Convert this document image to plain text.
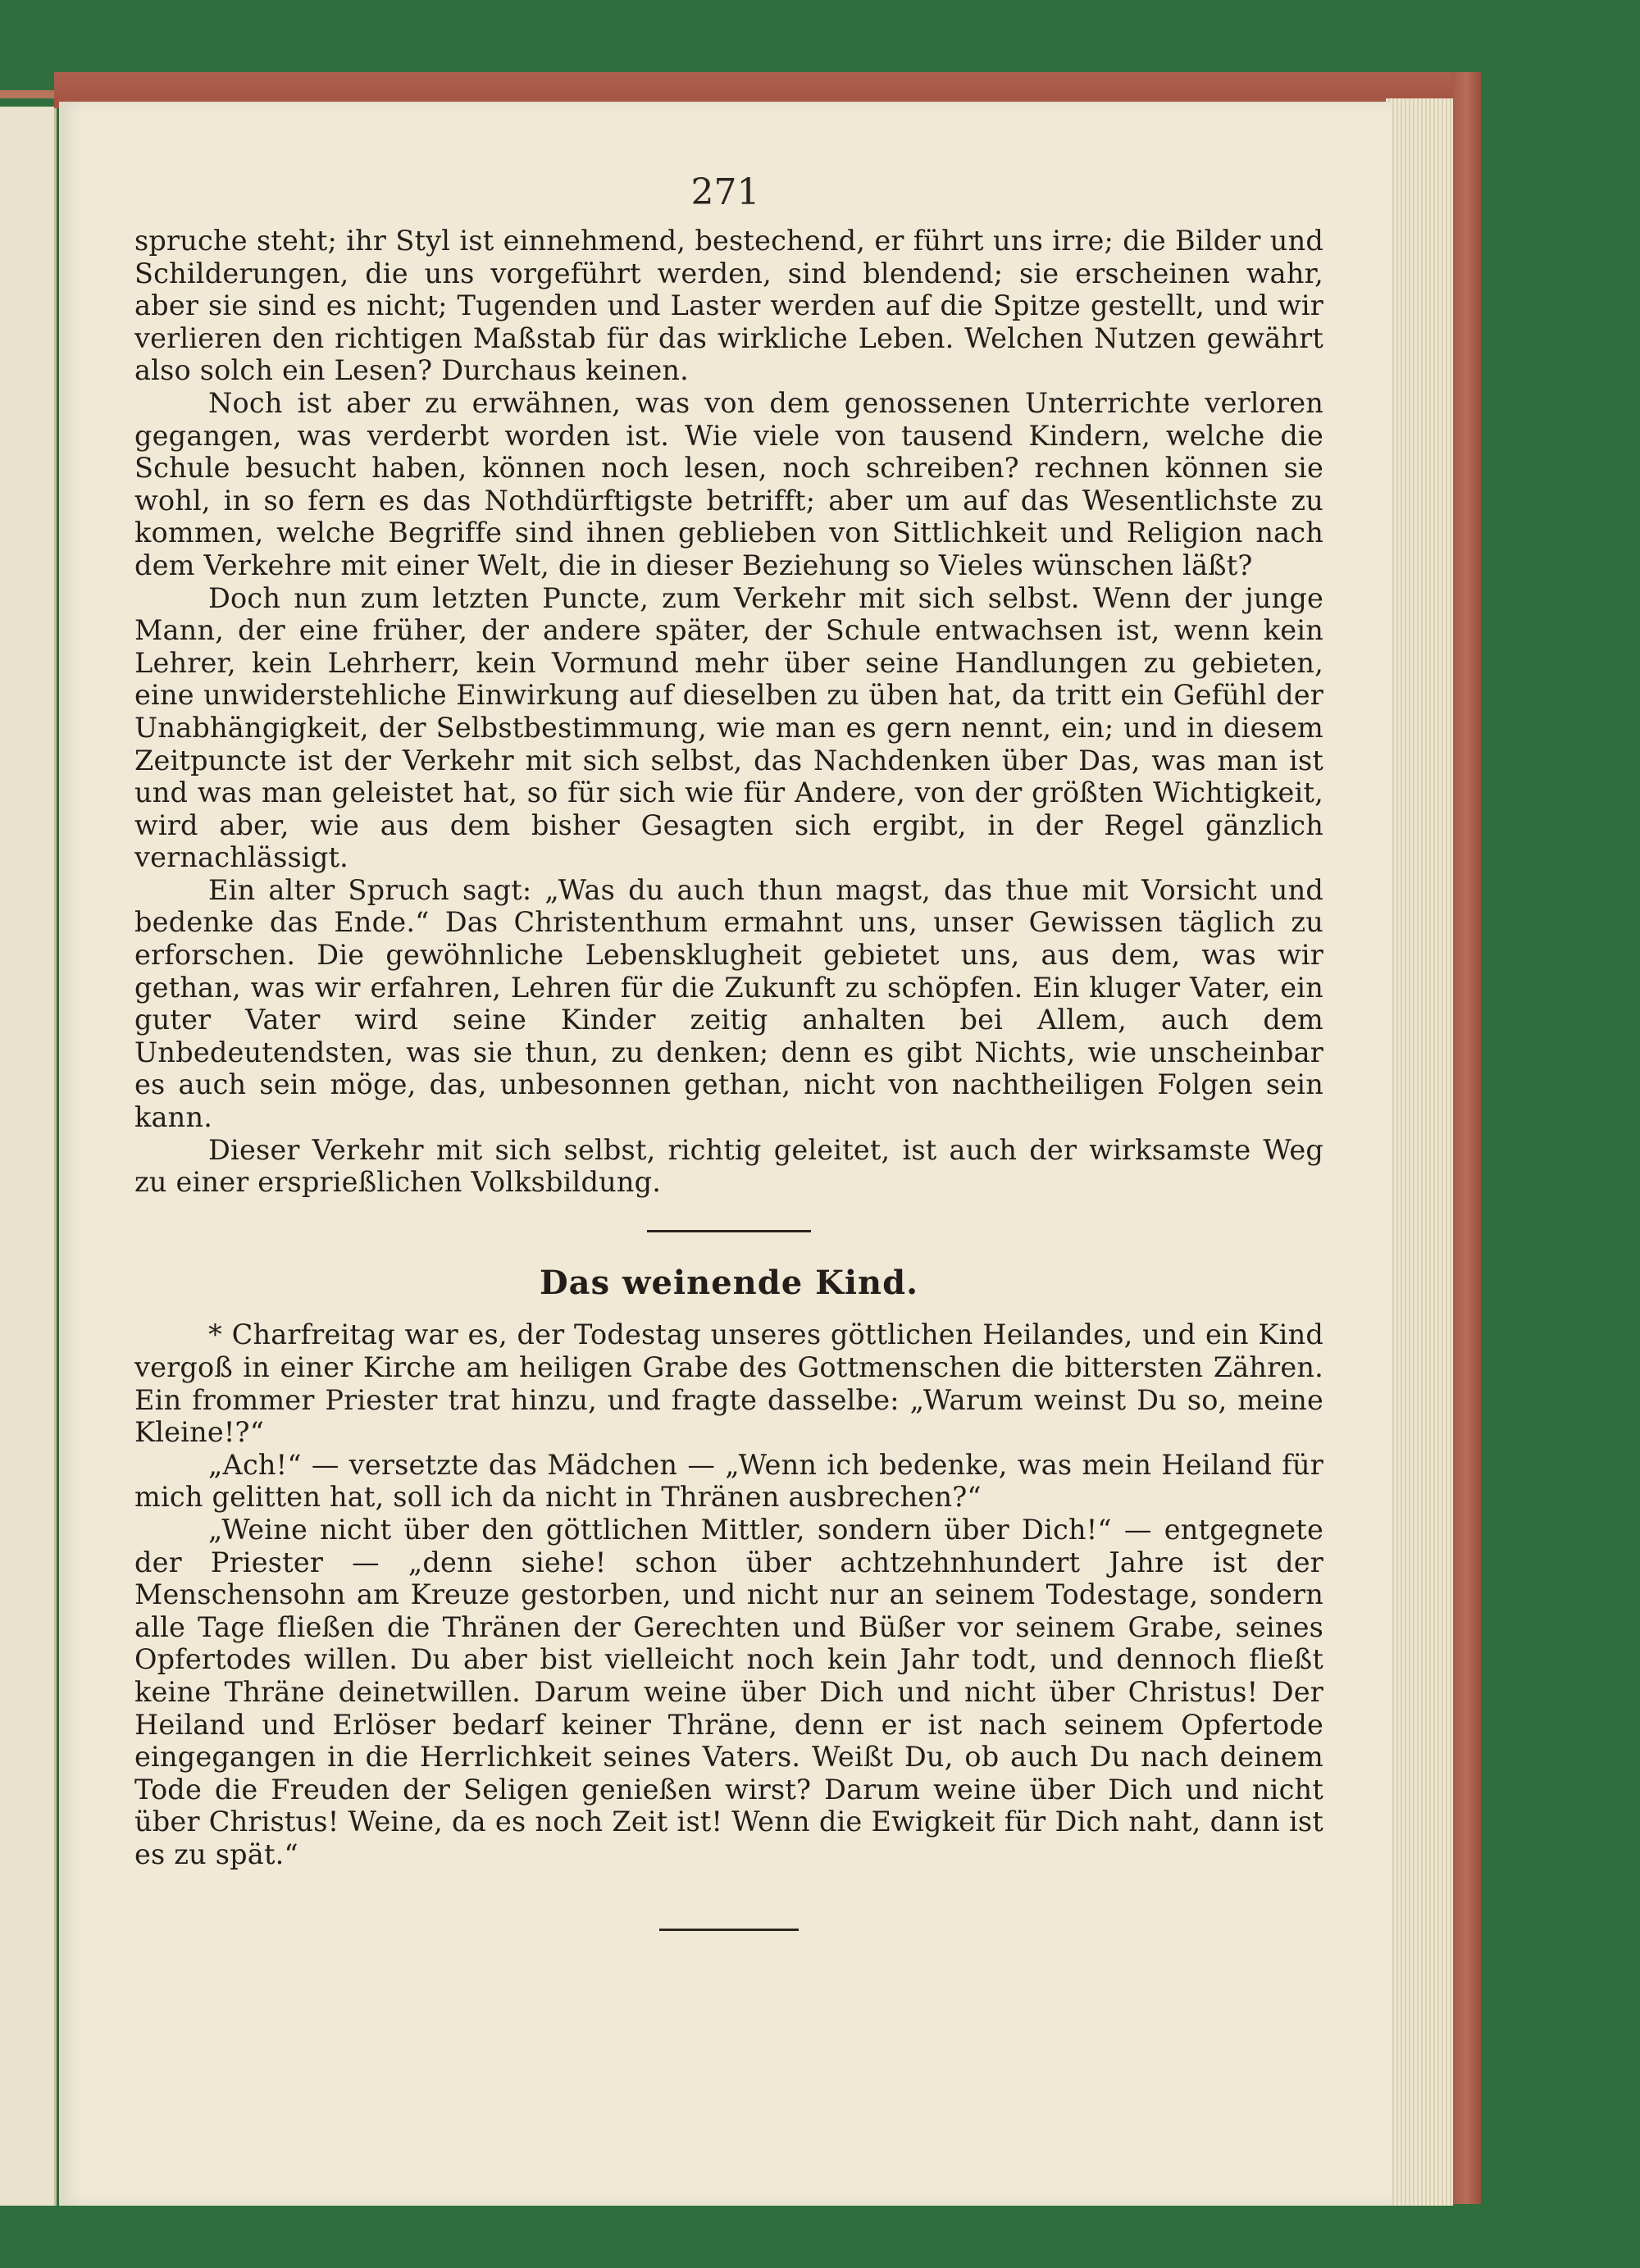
271

spruche steht; ihr Styl ist einnehmend, bestechend, er führt uns irre; die Bilder und Schilderungen, die uns vorgeführt werden, sind blendend; sie erscheinen wahr, aber sie sind es nicht; Tugenden und Laster werden auf die Spitze gestellt, und wir verlieren den richtigen Maßstab für das wirkliche Leben. Welchen Nutzen gewährt also solch ein Lesen? Durchaus keinen.

Noch ist aber zu erwähnen, was von dem genossenen Unterrichte verloren gegangen, was verderbt worden ist. Wie viele von tausend Kindern, welche die Schule besucht haben, können noch lesen, noch schreiben? rechnen können sie wohl, in so fern es das Nothdürftigste betrifft; aber um auf das Wesentlichste zu kommen, welche Begriffe sind ihnen geblieben von Sittlichkeit und Religion nach dem Verkehre mit einer Welt, die in dieser Beziehung so Vieles wünschen läßt?

Doch nun zum letzten Puncte, zum Verkehr mit sich selbst. Wenn der junge Mann, der eine früher, der andere später, der Schule entwachsen ist, wenn kein Lehrer, kein Lehrherr, kein Vormund mehr über seine Handlungen zu gebieten, eine unwiderstehliche Einwirkung auf dieselben zu üben hat, da tritt ein Gefühl der Unabhängigkeit, der Selbstbestimmung, wie man es gern nennt, ein; und in diesem Zeitpuncte ist der Verkehr mit sich selbst, das Nachdenken über Das, was man ist und was man geleistet hat, so für sich wie für Andere, von der größten Wichtigkeit, wird aber, wie aus dem bisher Gesagten sich ergibt, in der Regel gänzlich vernachlässigt.

Ein alter Spruch sagt: „Was du auch thun magst, das thue mit Vorsicht und bedenke das Ende.“ Das Christenthum ermahnt uns, unser Gewissen täglich zu erforschen. Die gewöhnliche Lebensklugheit gebietet uns, aus dem, was wir gethan, was wir erfahren, Lehren für die Zukunft zu schöpfen. Ein kluger Vater, ein guter Vater wird seine Kinder zeitig anhalten bei Allem, auch dem Unbedeutendsten, was sie thun, zu denken; denn es gibt Nichts, wie unscheinbar es auch sein möge, das, unbesonnen gethan, nicht von nachtheiligen Folgen sein kann.

Dieser Verkehr mit sich selbst, richtig geleitet, ist auch der wirksamste Weg zu einer ersprießlichen Volksbildung.

Das weinende Kind.

* Charfreitag war es, der Todestag unseres göttlichen Heilandes, und ein Kind vergoß in einer Kirche am heiligen Grabe des Gottmenschen die bittersten Zähren. Ein frommer Priester trat hinzu, und fragte dasselbe: „Warum weinst Du so, meine Kleine!?“

„Ach!“ — versetzte das Mädchen — „Wenn ich bedenke, was mein Heiland für mich gelitten hat, soll ich da nicht in Thränen ausbrechen?“

„Weine nicht über den göttlichen Mittler, sondern über Dich!“ — entgegnete der Priester — „denn siehe! schon über achtzehnhundert Jahre ist der Menschensohn am Kreuze gestorben, und nicht nur an seinem Todestage, sondern alle Tage fließen die Thränen der Gerechten und Büßer vor seinem Grabe, seines Opfertodes willen. Du aber bist vielleicht noch kein Jahr todt, und dennoch fließt keine Thräne deinetwillen. Darum weine über Dich und nicht über Christus! Der Heiland und Erlöser bedarf keiner Thräne, denn er ist nach seinem Opfertode eingegangen in die Herrlichkeit seines Vaters. Weißt Du, ob auch Du nach deinem Tode die Freuden der Seligen genießen wirst? Darum weine über Dich und nicht über Christus! Weine, da es noch Zeit ist! Wenn die Ewigkeit für Dich naht, dann ist es zu spät.“
